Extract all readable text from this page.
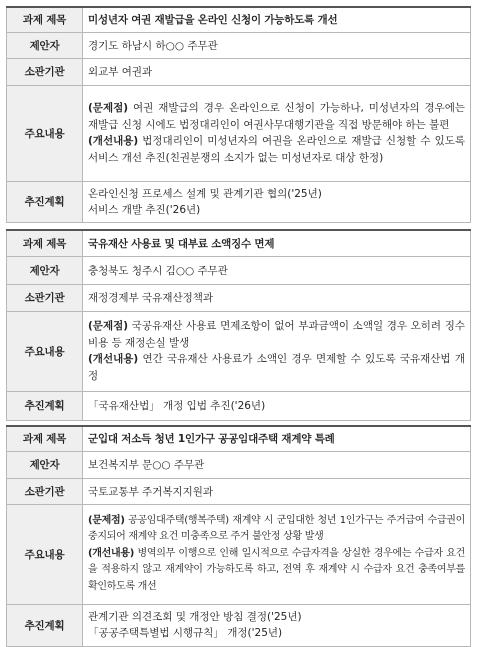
과제 제목	미성년자 여권 재발급을 온라인 신청이 가능하도록 개선
제안자	경기도 하남시 하○○ 주무관
소관기관	외교부 여권과
주요내용	(문제점) 여권 재발급의 경우 온라인으로 신청이 가능하나, 미성년자의 경우에는 재발급 신청 시에도 법정대리인이 여권사무대행기관을 직접 방문해야 하는 불편
(개선내용) 법정대리인이 미성년자의 여권을 온라인으로 재발급 신청할 수 있도록 서비스 개선 추진(친권분쟁의 소지가 없는 미성년자로 대상 한정)

추진계획	온라인신청 프로세스 설계 및 관계기관 협의('25년)
서비스 개발 추진('26년)
과제 제목	국유재산 사용료 및 대부료 소액징수 면제
제안자	충청북도 청주시 김○○ 주무관
소관기관	재정경제부 국유재산정책과
주요내용	(문제점) 국공유재산 사용료 면제조항이 없어 부과금액이 소액일 경우 오히려 징수비용 등 재정손실 발생
(개선내용) 연간 국유재산 사용료가 소액인 경우 면제할 수 있도록 국유재산법 개정

추진계획	「국유재산법」 개정 입법 추진('26년)
과제 제목	군입대 저소득 청년 1인가구 공공임대주택 재계약 특례
제안자	보건복지부 문○○ 주무관
소관기관	국토교통부 주거복지지원과
주요내용	(문제점) 공공임대주택(행복주택) 재계약 시 군입대한 청년 1인가구는 주거급여 수급권이 중지되어 재계약 요건 미충족으로 주거 불안정 상황 발생
(개선내용) 병역의무 이행으로 인해 일시적으로 수급자격을 상실한 경우에는 수급자 요건을 적용하지 않고 재계약이 가능하도록 하고, 전역 후 재계약 시 수급자 요건 충족여부를 확인하도록 개선

추진계획	관계기관 의견조회 및 개정안 방침 결정('25년)
「공공주택특별법 시행규칙」 개정('25년)
